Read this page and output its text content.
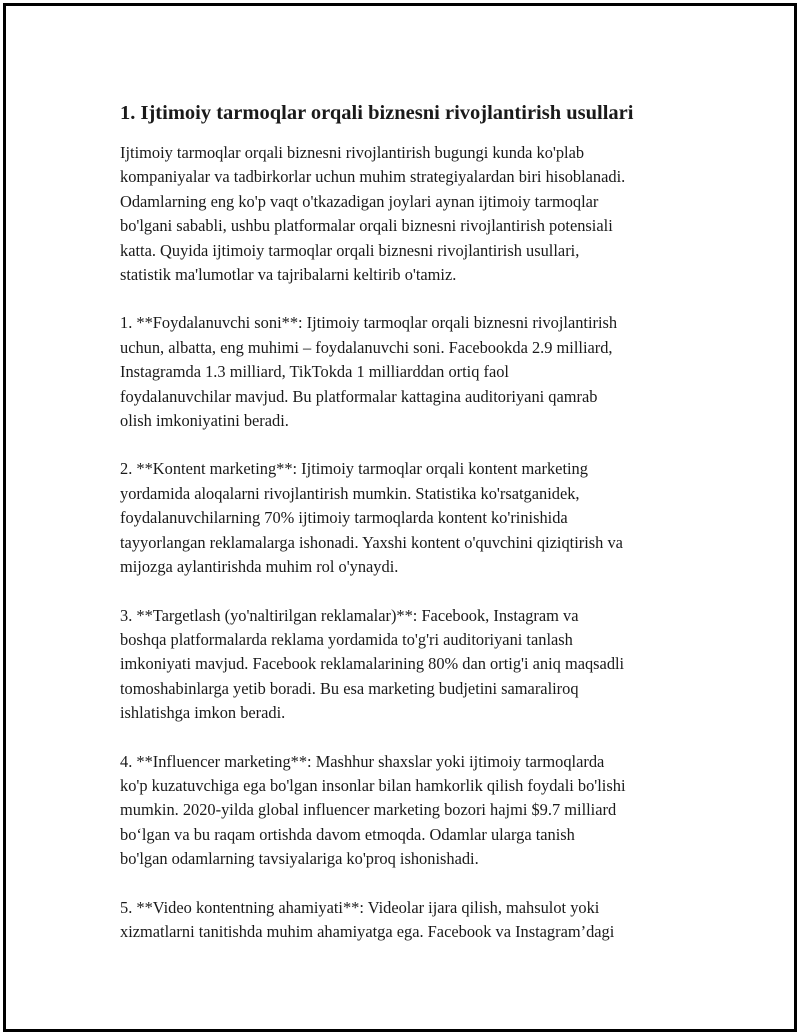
1. Ijtimoiy tarmoqlar orqali biznesni rivojlantirish usullari

Ijtimoiy tarmoqlar orqali biznesni rivojlantirish bugungi kunda ko'plab
kompaniyalar va tadbirkorlar uchun muhim strategiyalardan biri hisoblanadi.
Odamlarning eng ko'p vaqt o'tkazadigan joylari aynan ijtimoiy tarmoqlar
bo'lgani sababli, ushbu platformalar orqali biznesni rivojlantirish potensiali
katta. Quyida ijtimoiy tarmoqlar orqali biznesni rivojlantirish usullari,
statistik ma'lumotlar va tajribalarni keltirib o'tamiz.

1. **Foydalanuvchi soni**: Ijtimoiy tarmoqlar orqali biznesni rivojlantirish
uchun, albatta, eng muhimi – foydalanuvchi soni. Facebookda 2.9 milliard,
Instagramda 1.3 milliard, TikTokda 1 milliarddan ortiq faol
foydalanuvchilar mavjud. Bu platformalar kattagina auditoriyani qamrab
olish imkoniyatini beradi.

2. **Kontent marketing**: Ijtimoiy tarmoqlar orqali kontent marketing
yordamida aloqalarni rivojlantirish mumkin. Statistika ko'rsatganidek,
foydalanuvchilarning 70% ijtimoiy tarmoqlarda kontent ko'rinishida
tayyorlangan reklamalarga ishonadi. Yaxshi kontent o'quvchini qiziqtirish va
mijozga aylantirishda muhim rol o'ynaydi.

3. **Targetlash (yo'naltirilgan reklamalar)**: Facebook, Instagram va
boshqa platformalarda reklama yordamida to'g'ri auditoriyani tanlash
imkoniyati mavjud. Facebook reklamalarining 80% dan ortig'i aniq maqsadli
tomoshabinlarga yetib boradi. Bu esa marketing budjetini samaraliroq
ishlatishga imkon beradi.

4. **Influencer marketing**: Mashhur shaxslar yoki ijtimoiy tarmoqlarda
ko'p kuzatuvchiga ega bo'lgan insonlar bilan hamkorlik qilish foydali bo'lishi
mumkin. 2020-yilda global influencer marketing bozori hajmi $9.7 milliard
bo‘lgan va bu raqam ortishda davom etmoqda. Odamlar ularga tanish
bo'lgan odamlarning tavsiyalariga ko'proq ishonishadi.

5. **Video kontentning ahamiyati**: Videolar ijara qilish, mahsulot yoki
xizmatlarni tanitishda muhim ahamiyatga ega. Facebook va Instagram’dagi
